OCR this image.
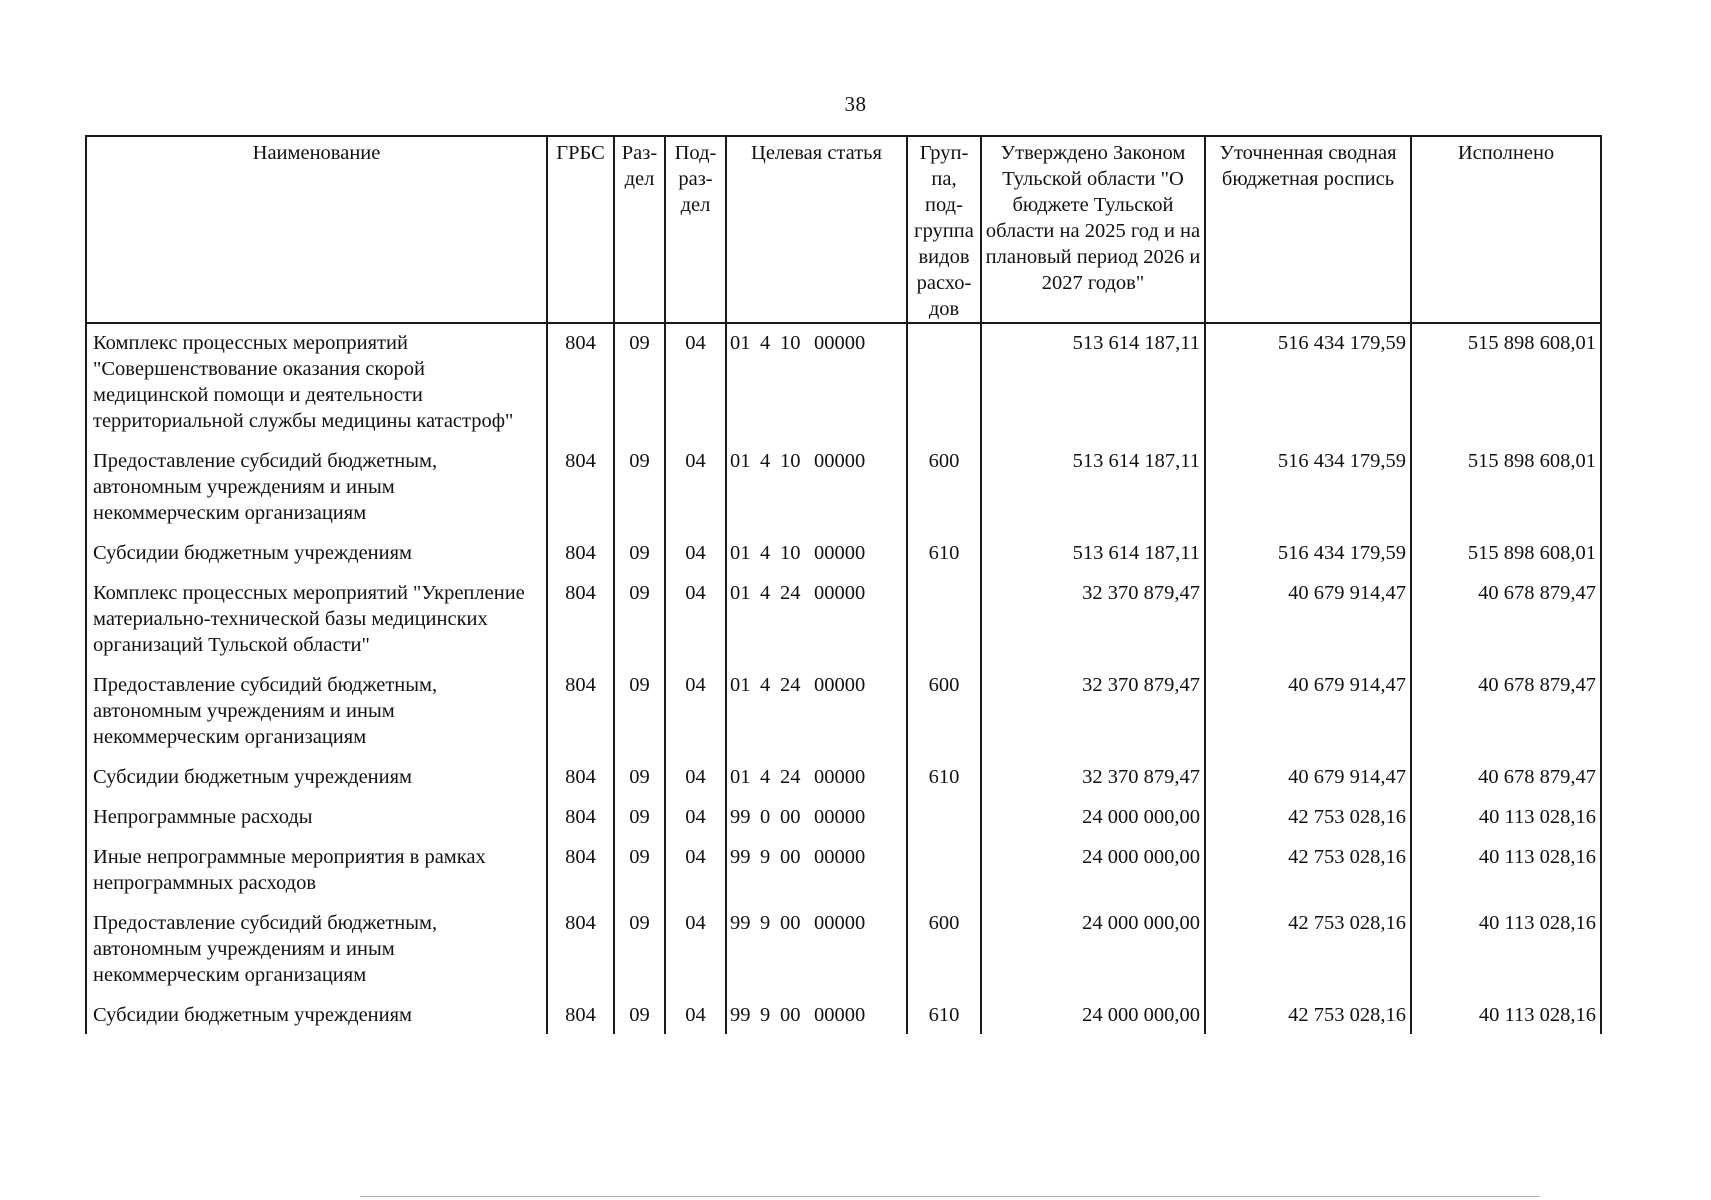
38
Наименование	ГРБС	Раз-дел	Под-раз-дел	Целевая статья	Груп-па, под-группа видов расхо-дов	Утверждено Законом Тульской области "О бюджете Тульской области на 2025 год и на плановый период 2026 и 2027 годов"	Уточненная сводная бюджетная роспись	Исполнено
Комплекс процессных мероприятий "Совершенствование оказания скорой медицинской помощи и деятельности территориальной службы медицины катастроф"	804	09	04	01 4 10 00000		513 614 187,11	516 434 179,59	515 898 608,01

Предоставление субсидий бюджетным, автономным учреждениям и иным некоммерческим организациям	804	09	04	01 4 10 00000	600	513 614 187,11	516 434 179,59	515 898 608,01

Субсидии бюджетным учреждениям	804	09	04	01 4 10 00000	610	513 614 187,11	516 434 179,59	515 898 608,01

Комплекс процессных мероприятий "Укрепление материально-технической базы медицинских организаций Тульской области"	804	09	04	01 4 24 00000		32 370 879,47	40 679 914,47	40 678 879,47

Предоставление субсидий бюджетным, автономным учреждениям и иным некоммерческим организациям	804	09	04	01 4 24 00000	600	32 370 879,47	40 679 914,47	40 678 879,47

Субсидии бюджетным учреждениям	804	09	04	01 4 24 00000	610	32 370 879,47	40 679 914,47	40 678 879,47

Непрограммные расходы	804	09	04	99 0 00 00000		24 000 000,00	42 753 028,16	40 113 028,16

Иные непрограммные мероприятия в рамках непрограммных расходов	804	09	04	99 9 00 00000		24 000 000,00	42 753 028,16	40 113 028,16

Предоставление субсидий бюджетным, автономным учреждениям и иным некоммерческим организациям	804	09	04	99 9 00 00000	600	24 000 000,00	42 753 028,16	40 113 028,16

Субсидии бюджетным учреждениям	804	09	04	99 9 00 00000	610	24 000 000,00	42 753 028,16	40 113 028,16
